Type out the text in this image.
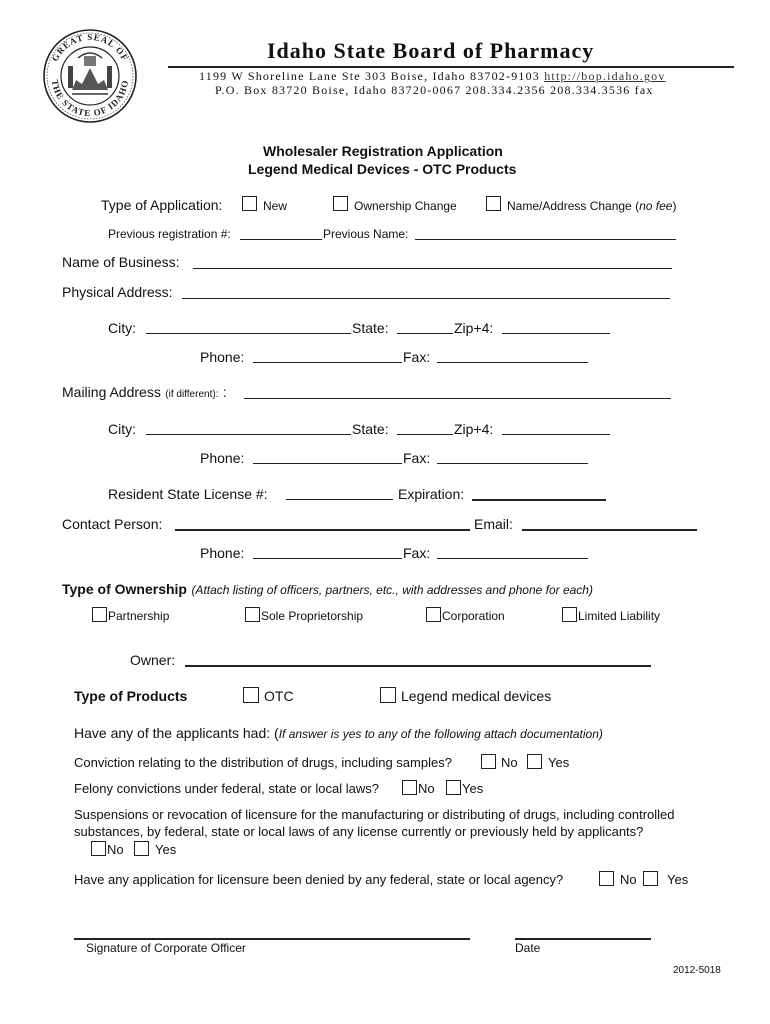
GREAT SEAL OF
THE STATE OF IDAHO
Idaho State Board of Pharmacy
1199 W Shoreline Lane Ste 303 Boise, Idaho 83702-9103 http://bop.idaho.gov
P.O. Box 83720 Boise, Idaho 83720-0067 208.334.2356 208.334.3536 fax
Wholesaler Registration Application
Legend Medical Devices - OTC Products
Type of Application:	New	Ownership Change	Name/Address Change (no fee)
Previous registration #:	Previous Name:
Name of Business:
Physical Address:
City:	State:	Zip+4:
Phone:	Fax:
Mailing Address (if different): :
City:	State:	Zip+4:
Phone:	Fax:
Resident State License #:	Expiration:
Contact Person:	Email:
Phone:	Fax:
Type of Ownership (Attach listing of officers, partners, etc., with addresses and phone for each)
Partnership	Sole Proprietorship	Corporation	Limited Liability
Owner:
Type of Products	OTC	Legend medical devices
Have any of the applicants had: (If answer is yes to any of the following attach documentation)
Conviction relating to the distribution of drugs, including samples?	No Yes
Felony convictions under federal, state or local laws?	No Yes
Suspensions or revocation of licensure for the manufacturing or distributing of drugs, including controlled
substances, by federal, state or local laws of any license currently or previously held by applicants?
No Yes
Have any application for licensure been denied by any federal, state or local agency?	No Yes
Signature of Corporate Officer	Date
2012-5018
